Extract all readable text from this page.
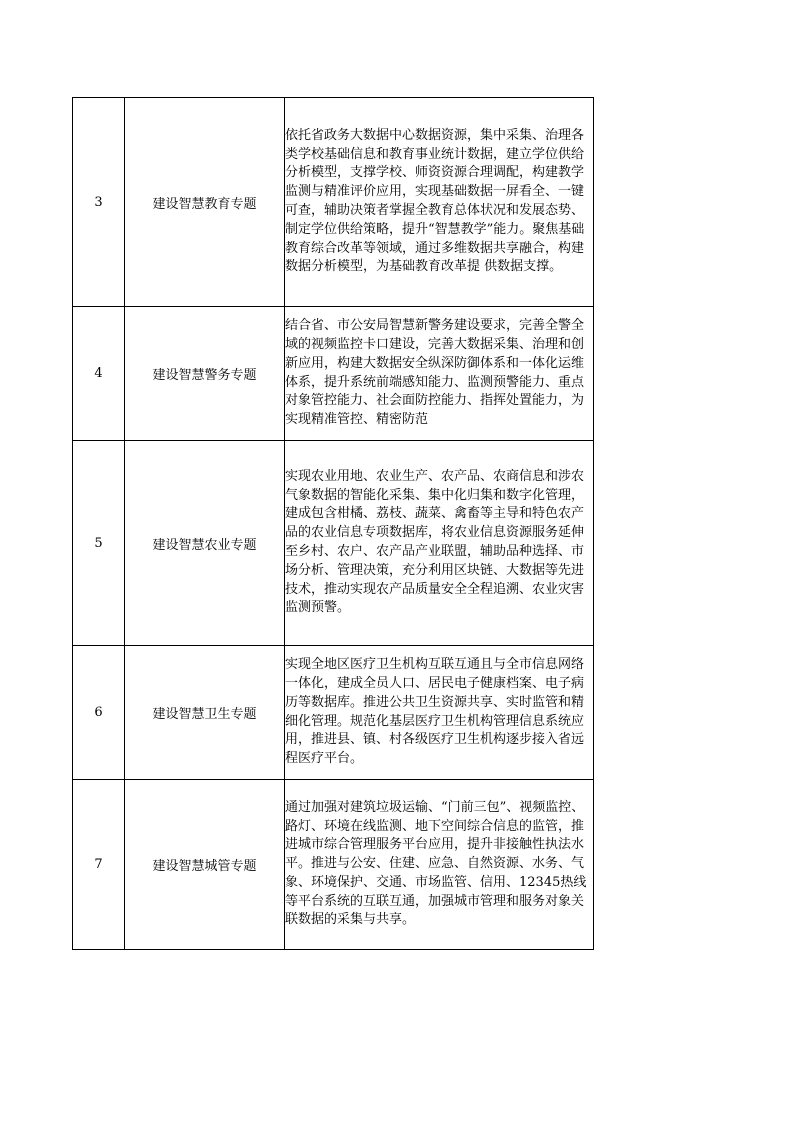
3	建设智慧教育专题	依托省政务大数据中心数据资源，集中采集、治理各类学校基础信息和教育事业统计数据，建立学位供给分析模型，支撑学校、师资资源合理调配，构建教学监测与精准评价应用，实现基础数据一屏看全、一键可查，辅助决策者掌握全教育总体状况和发展态势、制定学位供给策略，提升“智慧教学”能力。聚焦基础教育综合改革等领域，通过多维数据共享融合，构建数据分析模型，为基础教育改革提 供数据支撑。

4	建设智慧警务专题	结合省、市公安局智慧新警务建设要求，完善全警全域的视频监控卡口建设，完善大数据采集、治理和创新应用，构建大数据安全纵深防御体系和一体化运维体系，提升系统前端感知能力、监测预警能力、重点对象管控能力、社会面防控能力、指挥处置能力，为实现精准管控、精密防范

5	建设智慧农业专题	实现农业用地、农业生产、农产品、农商信息和涉农气象数据的智能化采集、集中化归集和数字化管理，建成包含柑橘、荔枝、蔬菜、禽畜等主导和特色农产品的农业信息专项数据库，将农业信息资源服务延伸至乡村、农户、农产品产业联盟，辅助品种选择、市场分析、管理决策，充分利用区块链、大数据等先进技术，推动实现农产品质量安全全程追溯、农业灾害监测预警。

6	建设智慧卫生专题	实现全地区医疗卫生机构互联互通且与全市信息网络一体化，建成全员人口、居民电子健康档案、电子病历等数据库。推进公共卫生资源共享、实时监管和精细化管理。规范化基层医疗卫生机构管理信息系统应用，推进县、镇、村各级医疗卫生机构逐步接入省远程医疗平台。

7	建设智慧城管专题	通过加强对建筑垃圾运输、“门前三包”、视频监控、路灯、环境在线监测、地下空间综合信息的监管，推进城市综合管理服务平台应用，提升非接触性执法水平。推进与公安、住建、应急、自然资源、水务、气象、环境保护、交通、市场监管、信用、12345热线等平台系统的互联互通，加强城市管理和服务对象关联数据的采集与共享。
